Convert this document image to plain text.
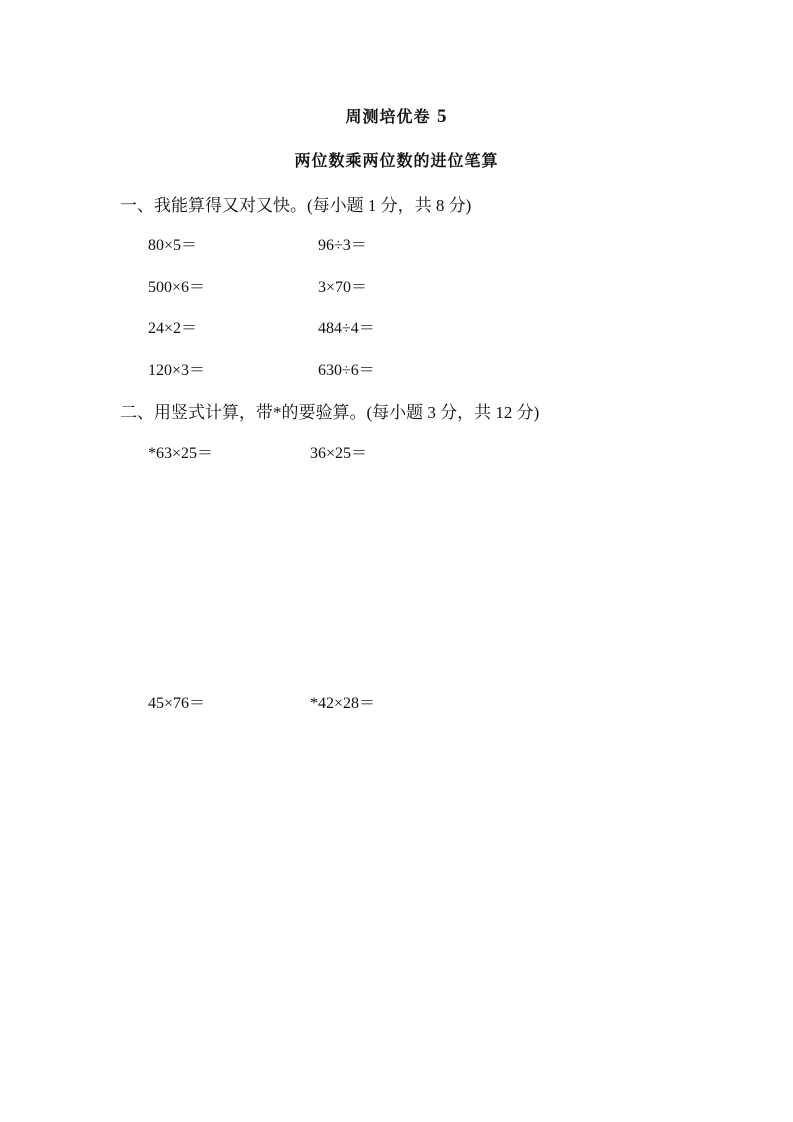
周测培优卷 5
两位数乘两位数的进位笔算
一、我能算得又对又快。(每小题 1 分，共 8 分)
80×5＝	96÷3＝
500×6＝	3×70＝
24×2＝	484÷4＝
120×3＝	630÷6＝
二、用竖式计算，带*的要验算。(每小题 3 分，共 12 分)
*63×25＝	36×25＝
45×76＝	*42×28＝
